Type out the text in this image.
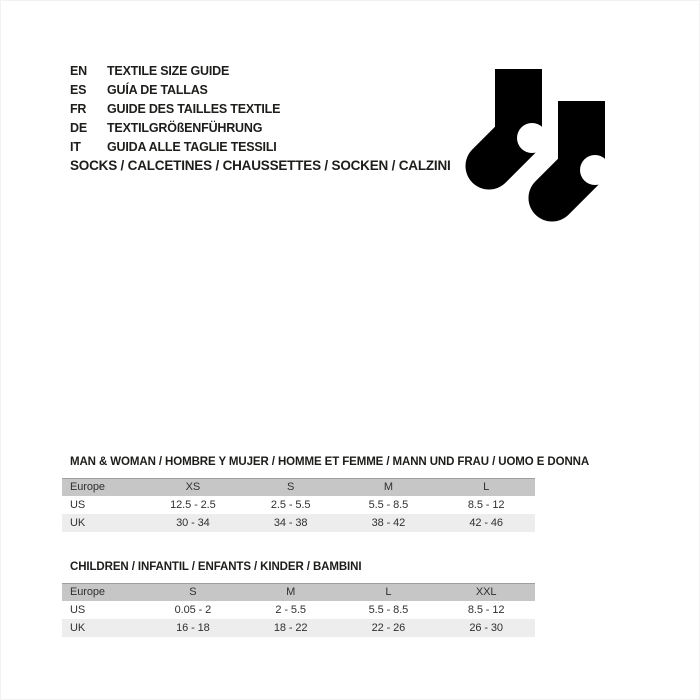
EN	TEXTILE SIZE GUIDE
ES	GUÍA DE TALLAS
FR	GUIDE DES TAILLES TEXTILE
DE	TEXTILGRÖßENFÜHRUNG
IT	GUIDA ALLE TAGLIE TESSILI
SOCKS / CALCETINES / CHAUSSETTES / SOCKEN / CALZINI
MAN & WOMAN / HOMBRE Y MUJER / HOMME ET FEMME / MANN UND FRAU / UOMO E DONNA
Europe	XS	S	M	L
US	12.5 - 2.5	2.5 - 5.5	5.5 - 8.5	8.5 - 12
UK	30 - 34	34 - 38	38 - 42	42 - 46
CHILDREN / INFANTIL / ENFANTS / KINDER / BAMBINI
Europe	S	M	L	XXL
US	0.05 - 2	2 - 5.5	5.5 - 8.5	8.5 - 12
UK	16 - 18	18 - 22	22 - 26	26 - 30
